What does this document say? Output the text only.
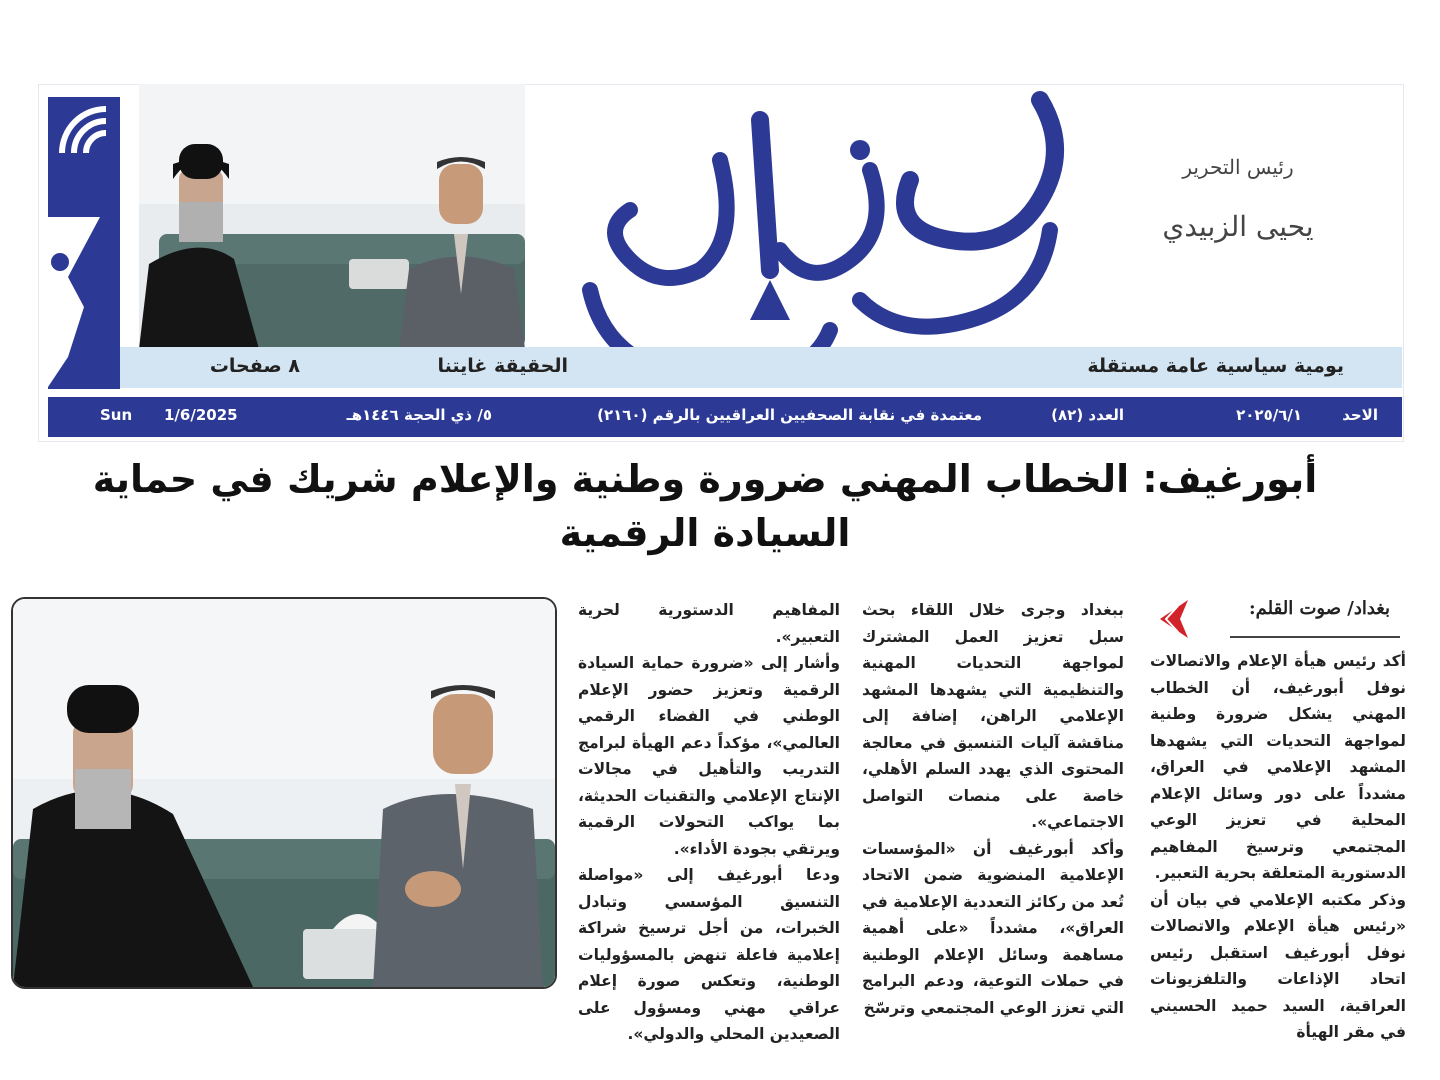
رئيس التحرير
يحيى الزبيدي
يومية سياسية عامة مستقلة
الحقيقة غايتنا
٨ صفحات
الاحد
٢٠٢٥/٦/١
العدد (٨٢)
معتمدة في نقابة الصحفيين العراقيين بالرقم (٢١٦٠)
٥/ ذي الحجة ١٤٤٦هـ
1/6/2025
Sun
أبورغيف: الخطاب المهني ضرورة وطنية والإعلام شريك في حماية
السيادة الرقمية
بغداد/ صوت القلم:

أكد رئيس هيأة الإعلام والاتصالات نوفل أبورغيف، أن الخطاب المهني يشكل ضرورة وطنية لمواجهة التحديات التي يشهدها المشهد الإعلامي في العراق، مشدداً على دور وسائل الإعلام المحلية في تعزيز الوعي المجتمعي وترسيخ المفاهيم الدستورية المتعلقة بحرية التعبير.

وذكر مكتبه الإعلامي في بيان أن «رئيس هيأة الإعلام والاتصالات نوفل أبورغيف استقبل رئيس اتحاد الإذاعات والتلفزيونات العراقية، السيد حميد الحسيني في مقر الهيأة

ببغداد وجرى خلال اللقاء بحث سبل تعزيز العمل المشترك لمواجهة التحديات المهنية والتنظيمية التي يشهدها المشهد الإعلامي الراهن، إضافة إلى مناقشة آليات التنسيق في معالجة المحتوى الذي يهدد السلم الأهلي، خاصة على منصات التواصل الاجتماعي».

وأكد أبورغيف أن «المؤسسات الإعلامية المنضوية ضمن الاتحاد تُعد من ركائز التعددية الإعلامية في العراق»، مشدداً «على أهمية مساهمة وسائل الإعلام الوطنية في حملات التوعية، ودعم البرامج التي تعزز الوعي المجتمعي وترسّخ

المفاهيم الدستورية لحرية التعبير».

وأشار إلى «ضرورة حماية السيادة الرقمية وتعزيز حضور الإعلام الوطني في الفضاء الرقمي العالمي»، مؤكداً دعم الهيأة لبرامج التدريب والتأهيل في مجالات الإنتاج الإعلامي والتقنيات الحديثة، بما يواكب التحولات الرقمية ويرتقي بجودة الأداء».

ودعا أبورغيف إلى «مواصلة التنسيق المؤسسي وتبادل الخبرات، من أجل ترسيخ شراكة إعلامية فاعلة تنهض بالمسؤوليات الوطنية، وتعكس صورة إعلام عراقي مهني ومسؤول على الصعيدين المحلي والدولي».
